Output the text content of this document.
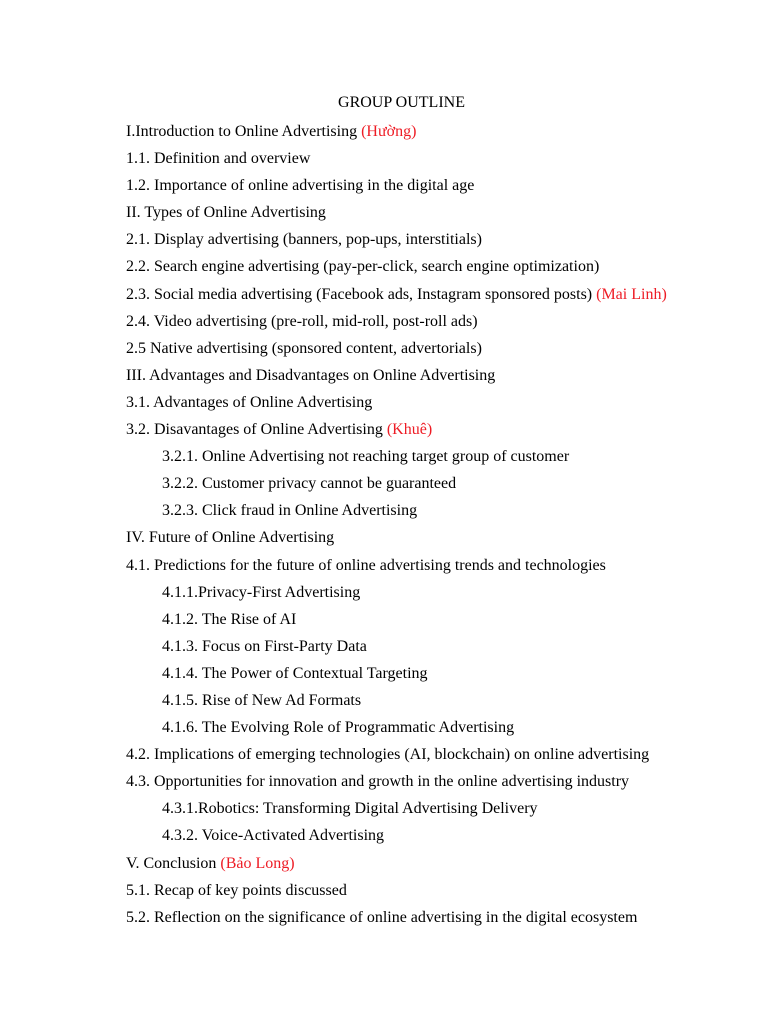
GROUP OUTLINE
I.Introduction to Online Advertising (Hường)
1.1. Definition and overview
1.2. Importance of online advertising in the digital age
II. Types of Online Advertising
2.1. Display advertising (banners, pop-ups, interstitials)
2.2. Search engine advertising (pay-per-click, search engine optimization)
2.3. Social media advertising (Facebook ads, Instagram sponsored posts) (Mai Linh)
2.4. Video advertising (pre-roll, mid-roll, post-roll ads)
2.5 Native advertising (sponsored content, advertorials)
III. Advantages and Disadvantages on Online Advertising
3.1. Advantages of Online Advertising
3.2. Disavantages of Online Advertising (Khuê)
3.2.1. Online Advertising not reaching target group of customer
3.2.2. Customer privacy cannot be guaranteed
3.2.3. Click fraud in Online Advertising
IV. Future of Online Advertising
4.1. Predictions for the future of online advertising trends and technologies
4.1.1.Privacy-First Advertising
4.1.2. The Rise of AI
4.1.3. Focus on First-Party Data
4.1.4. The Power of Contextual Targeting
4.1.5. Rise of New Ad Formats
4.1.6. The Evolving Role of Programmatic Advertising
4.2. Implications of emerging technologies (AI, blockchain) on online advertising
4.3. Opportunities for innovation and growth in the online advertising industry
4.3.1.Robotics: Transforming Digital Advertising Delivery
4.3.2. Voice-Activated Advertising
V. Conclusion (Bảo Long)
5.1. Recap of key points discussed
5.2. Reflection on the significance of online advertising in the digital ecosystem
